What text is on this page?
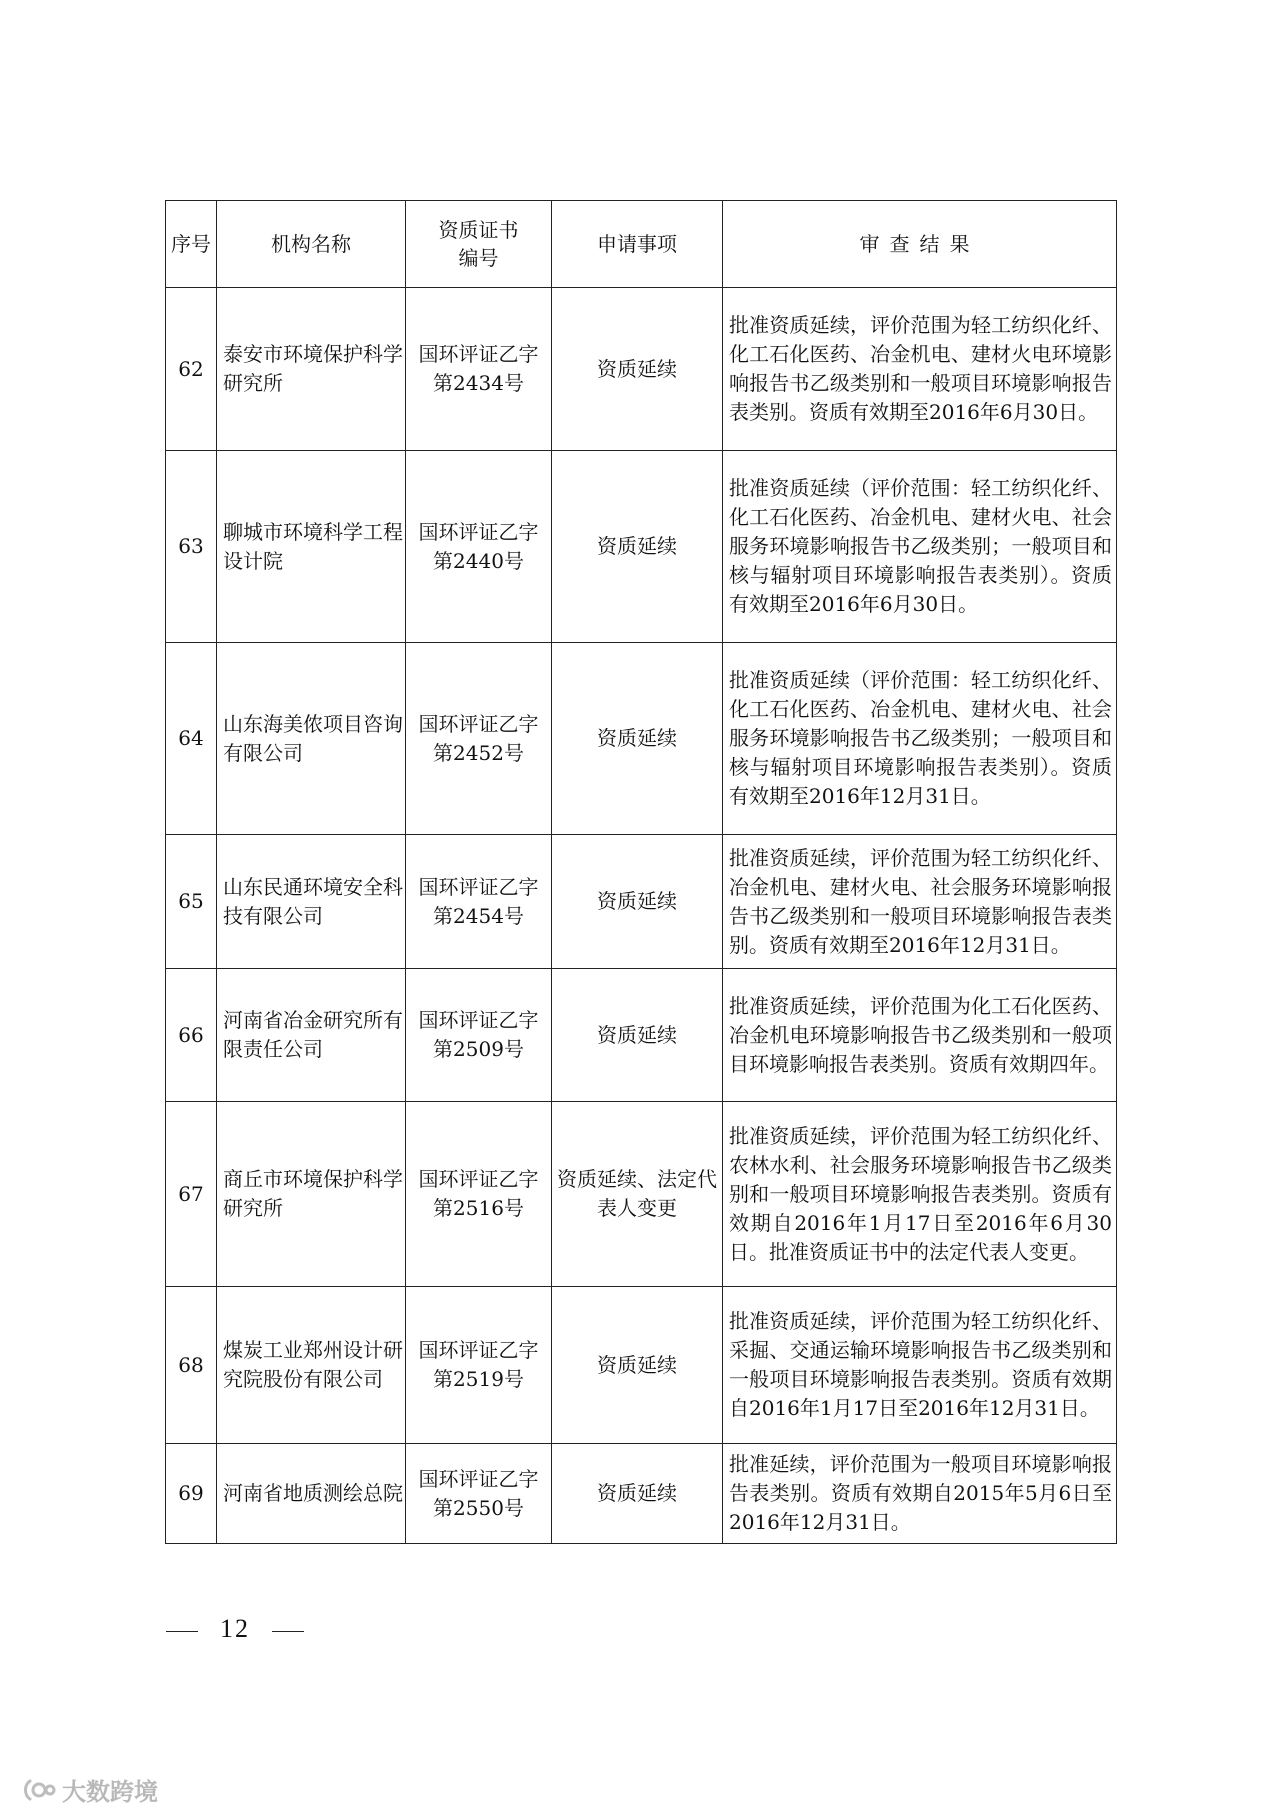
序号	机构名称	资质证书编号	申请事项	审查结果
62	泰安市环境保护科学研究所	国环评证乙字第2434号	资质延续	批准资质延续，评价范围为轻工纺织化纤、化工石化医药、冶金机电、建材火电环境影响报告书乙级类别和一般项目环境影响报告表类别。资质有效期至2016年6月30日。
63	聊城市环境科学工程设计院	国环评证乙字第2440号	资质延续	批准资质延续（评价范围：轻工纺织化纤、化工石化医药、冶金机电、建材火电、社会服务环境影响报告书乙级类别；一般项目和核与辐射项目环境影响报告表类别）。资质有效期至2016年6月30日。
64	山东海美侬项目咨询有限公司	国环评证乙字第2452号	资质延续	批准资质延续（评价范围：轻工纺织化纤、化工石化医药、冶金机电、建材火电、社会服务环境影响报告书乙级类别；一般项目和核与辐射项目环境影响报告表类别）。资质有效期至2016年12月31日。
65	山东民通环境安全科技有限公司	国环评证乙字第2454号	资质延续	批准资质延续，评价范围为轻工纺织化纤、冶金机电、建材火电、社会服务环境影响报告书乙级类别和一般项目环境影响报告表类别。资质有效期至2016年12月31日。
66	河南省冶金研究所有限责任公司	国环评证乙字第2509号	资质延续	批准资质延续，评价范围为化工石化医药、冶金机电环境影响报告书乙级类别和一般项目环境影响报告表类别。资质有效期四年。
67	商丘市环境保护科学研究所	国环评证乙字第2516号	资质延续、法定代表人变更	批准资质延续，评价范围为轻工纺织化纤、农林水利、社会服务环境影响报告书乙级类别和一般项目环境影响报告表类别。资质有效期自2016年1月17日至2016年6月30日。批准资质证书中的法定代表人变更。
68	煤炭工业郑州设计研究院股份有限公司	国环评证乙字第2519号	资质延续	批准资质延续，评价范围为轻工纺织化纤、采掘、交通运输环境影响报告书乙级类别和一般项目环境影响报告表类别。资质有效期自2016年1月17日至2016年12月31日。
69	河南省地质测绘总院	国环评证乙字第2550号	资质延续	批准延续，评价范围为一般项目环境影响报告表类别。资质有效期自2015年5月6日至2016年12月31日。
12
大数跨境
